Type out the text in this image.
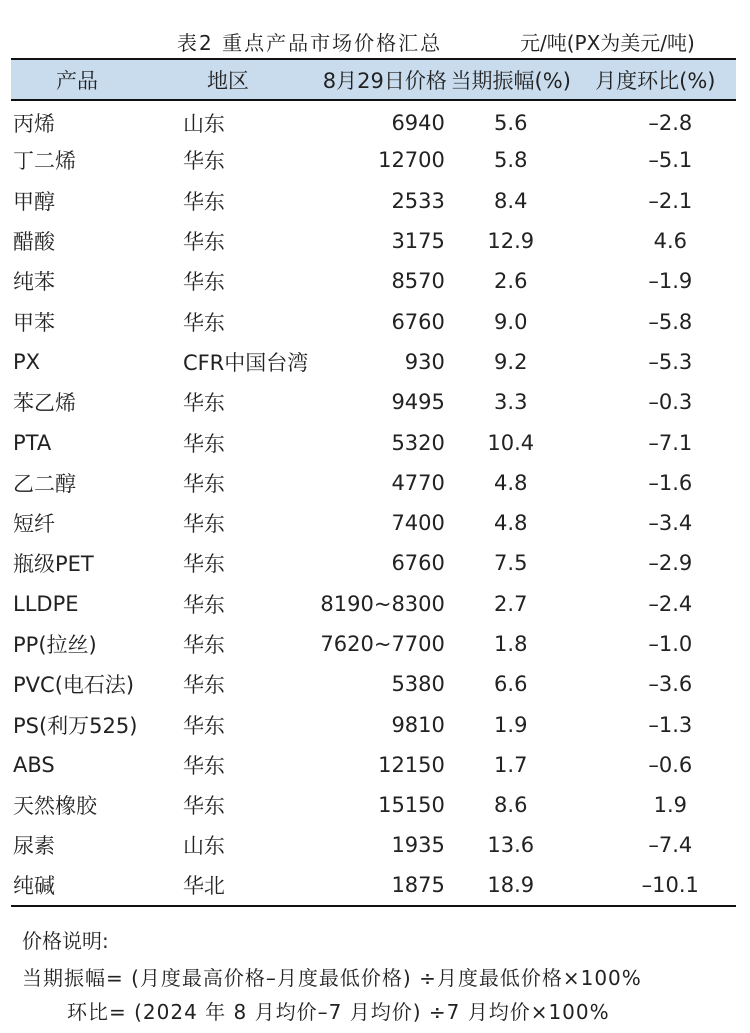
表2 重点产品市场价格汇总	元/吨(PX为美元/吨)
产品	地区	8月29日价格	当期振幅(%)	月度环比(%)
丙烯	山东	6940	5.6	–2.8
丁二烯	华东	12700	5.8	–5.1
甲醇	华东	2533	8.4	–2.1
醋酸	华东	3175	12.9	4.6
纯苯	华东	8570	2.6	–1.9
甲苯	华东	6760	9.0	–5.8
PX	CFR中国台湾	930	9.2	–5.3
苯乙烯	华东	9495	3.3	–0.3
PTA	华东	5320	10.4	–7.1
乙二醇	华东	4770	4.8	–1.6
短纤	华东	7400	4.8	–3.4
瓶级PET	华东	6760	7.5	–2.9
LLDPE	华东	8190~8300	2.7	–2.4
PP(拉丝)	华东	7620~7700	1.8	–1.0
PVC(电石法)	华东	5380	6.6	–3.6
PS(利万525)	华东	9810	1.9	–1.3
ABS	华东	12150	1.7	–0.6
天然橡胶	华东	15150	8.6	1.9
尿素	山东	1935	13.6	–7.4
纯碱	华北	1875	18.9	–10.1
价格说明:
当期振幅= (月度最高价格–月度最低价格) ÷月度最低价格×100%
环比= (2024 年 8 月均价–7 月均价) ÷7 月均价×100%
